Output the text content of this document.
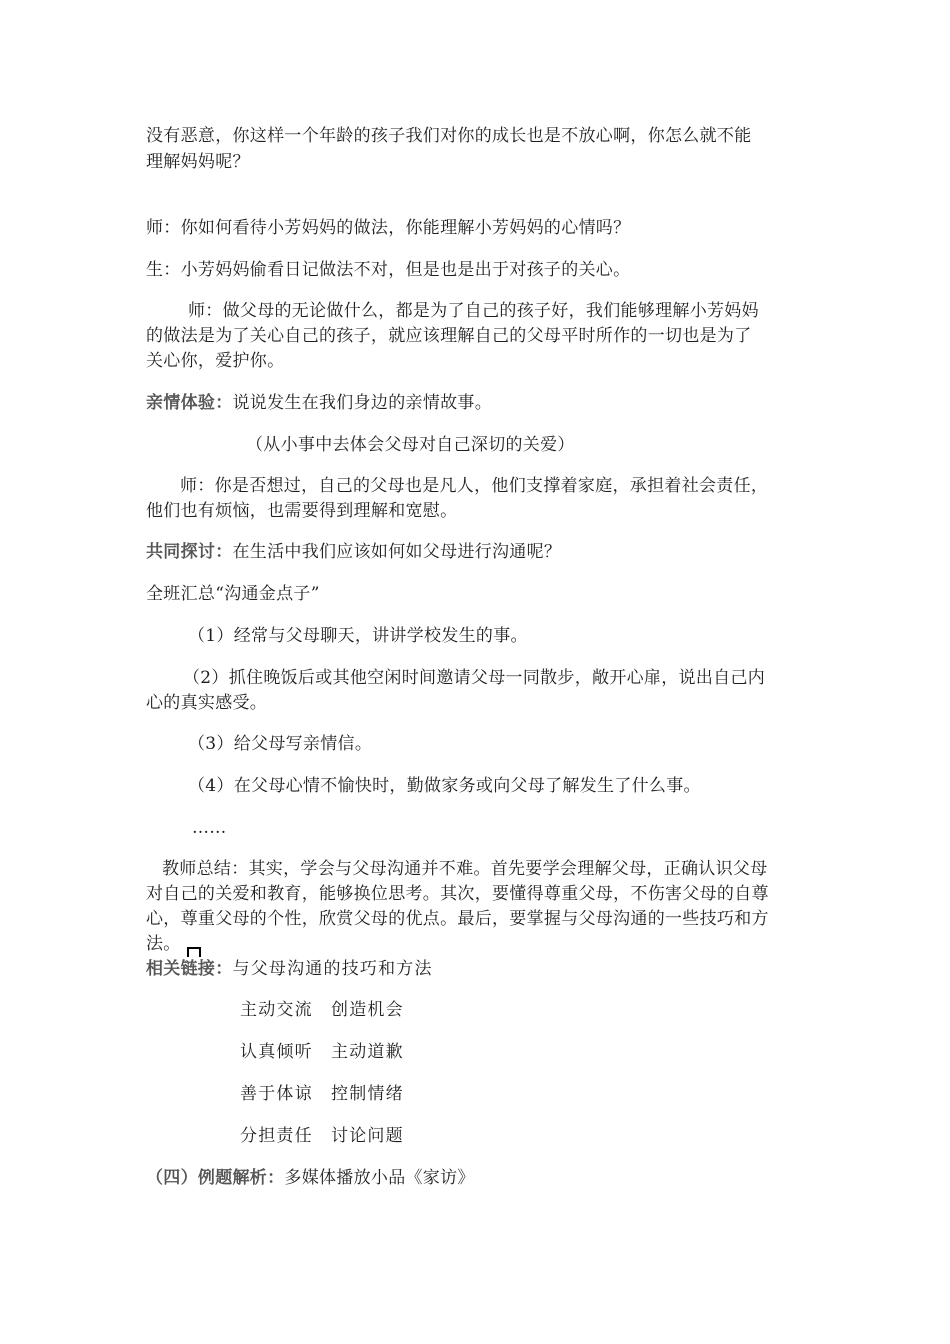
没有恶意，你这样一个年龄的孩子我们对你的成长也是不放心啊，你怎么就不能
理解妈妈呢？
师：你如何看待小芳妈妈的做法，你能理解小芳妈妈的心情吗？
生：小芳妈妈偷看日记做法不对，但是也是出于对孩子的关心。
师：做父母的无论做什么，都是为了自己的孩子好，我们能够理解小芳妈妈
的做法是为了关心自己的孩子，就应该理解自己的父母平时所作的一切也是为了
关心你，爱护你。
亲情体验：说说发生在我们身边的亲情故事。
（从小事中去体会父母对自己深切的关爱）
师：你是否想过，自己的父母也是凡人，他们支撑着家庭，承担着社会责任，
他们也有烦恼，也需要得到理解和宽慰。
共同探讨：在生活中我们应该如何如父母进行沟通呢？
全班汇总“沟通金点子”
（1）经常与父母聊天，讲讲学校发生的事。
（2）抓住晚饭后或其他空闲时间邀请父母一同散步，敞开心扉，说出自己内
心的真实感受。
（3）给父母写亲情信。
（4）在父母心情不愉快时，勤做家务或向父母了解发生了什么事。
……
教师总结：其实，学会与父母沟通并不难。首先要学会理解父母，正确认识父母
对自己的关爱和教育，能够换位思考。其次，要懂得尊重父母，不伤害父母的自尊
心，尊重父母的个性，欣赏父母的优点。最后，要掌握与父母沟通的一些技巧和方
法。
相关链接：与父母沟通的技巧和方法
主动交流　创造机会
认真倾听　主动道歉
善于体谅　控制情绪
分担责任　讨论问题
（四）例题解析：多媒体播放小品《家访》
